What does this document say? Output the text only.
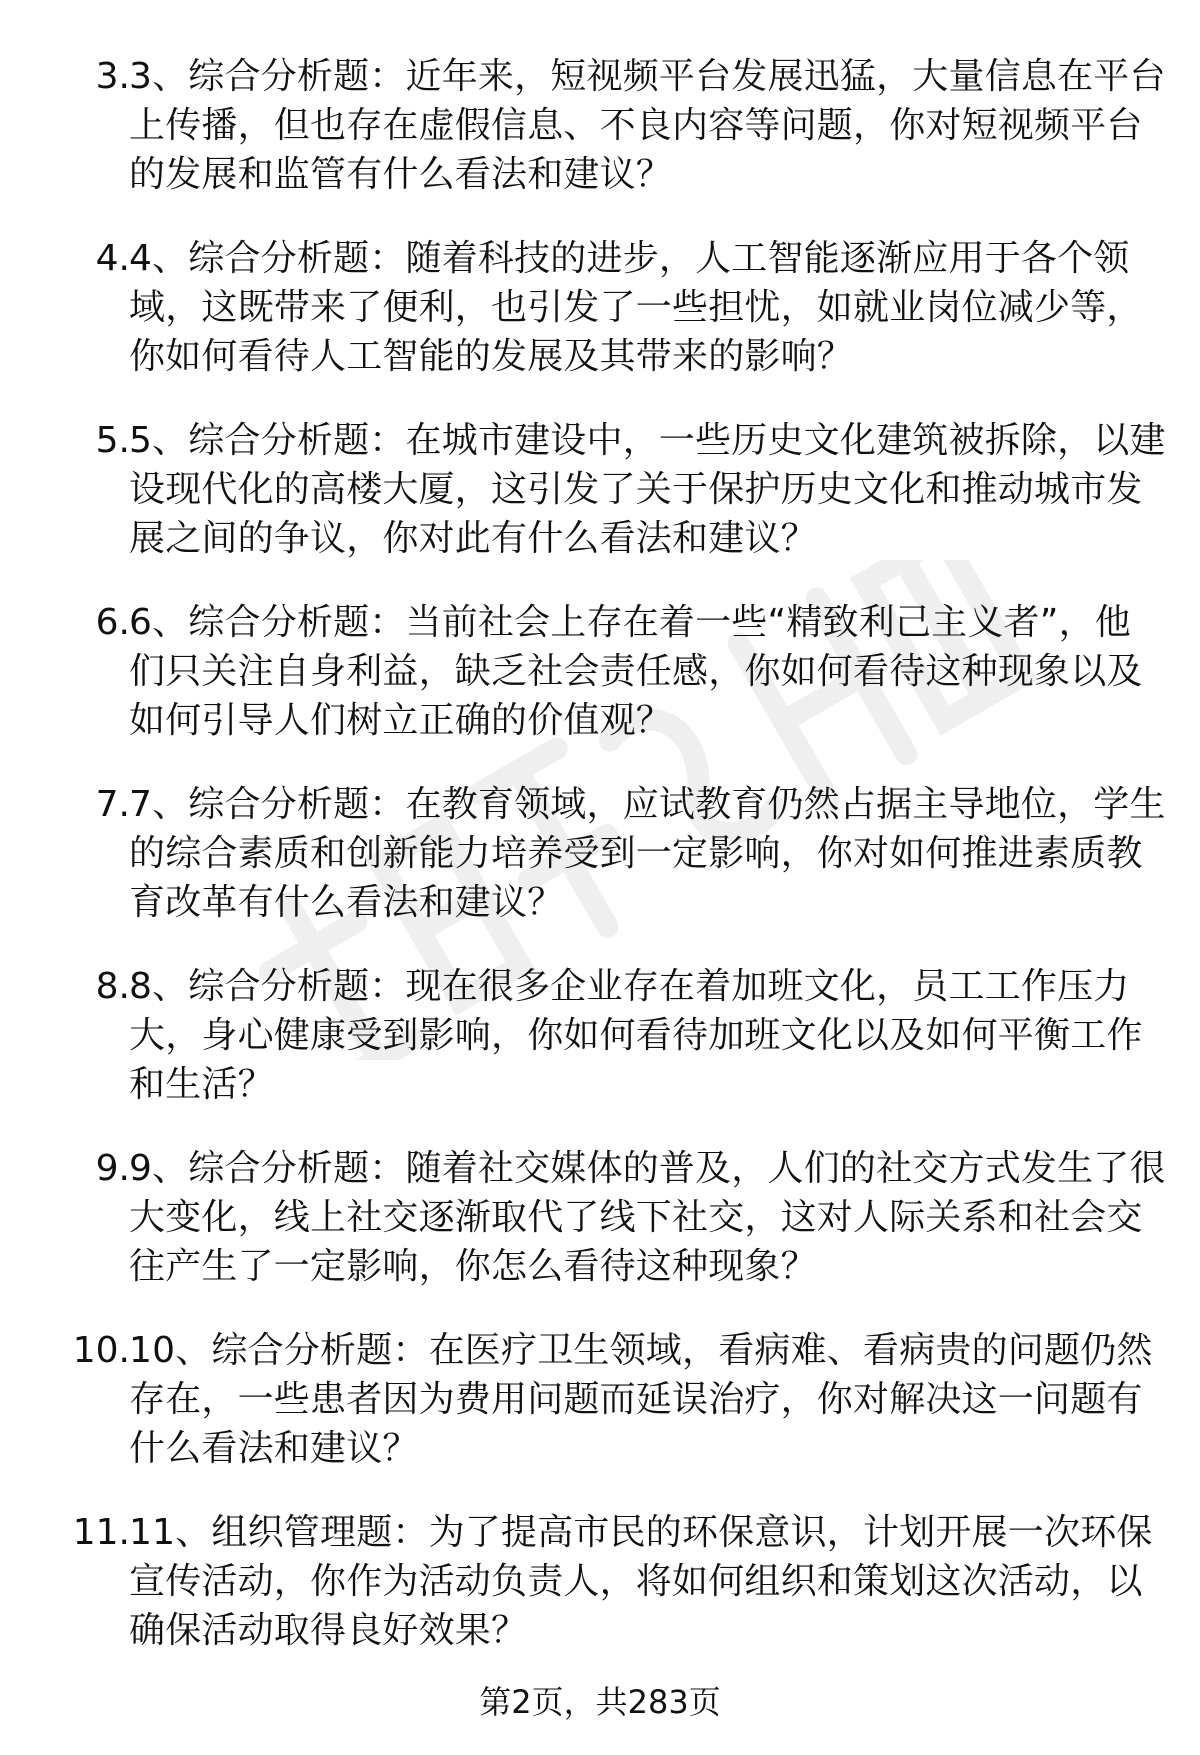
3. 3、综合分析题：近年来，短视频平台发展迅猛，大量信息在平台
上传播，但也存在虚假信息、不良内容等问题，你对短视频平台
的发展和监管有什么看法和建议？
4. 4、综合分析题：随着科技的进步，人工智能逐渐应用于各个领
域，这既带来了便利，也引发了一些担忧，如就业岗位减少等，
你如何看待人工智能的发展及其带来的影响？
5. 5、综合分析题：在城市建设中，一些历史文化建筑被拆除，以建
设现代化的高楼大厦，这引发了关于保护历史文化和推动城市发
展之间的争议，你对此有什么看法和建议？
6. 6、综合分析题：当前社会上存在着一些“精致利己主义者”，他
们只关注自身利益，缺乏社会责任感，你如何看待这种现象以及
如何引导人们树立正确的价值观？
7. 7、综合分析题：在教育领域，应试教育仍然占据主导地位，学生
的综合素质和创新能力培养受到一定影响，你对如何推进素质教
育改革有什么看法和建议？
8. 8、综合分析题：现在很多企业存在着加班文化，员工工作压力
大，身心健康受到影响，你如何看待加班文化以及如何平衡工作
和生活？
9. 9、综合分析题：随着社交媒体的普及，人们的社交方式发生了很
大变化，线上社交逐渐取代了线下社交，这对人际关系和社会交
往产生了一定影响，你怎么看待这种现象？
10. 10、综合分析题：在医疗卫生领域，看病难、看病贵的问题仍然
存在，一些患者因为费用问题而延误治疗，你对解决这一问题有
什么看法和建议？
11. 11、组织管理题：为了提高市民的环保意识，计划开展一次环保
宣传活动，你作为活动负责人，将如何组织和策划这次活动，以
确保活动取得良好效果？
第2页，共283页
